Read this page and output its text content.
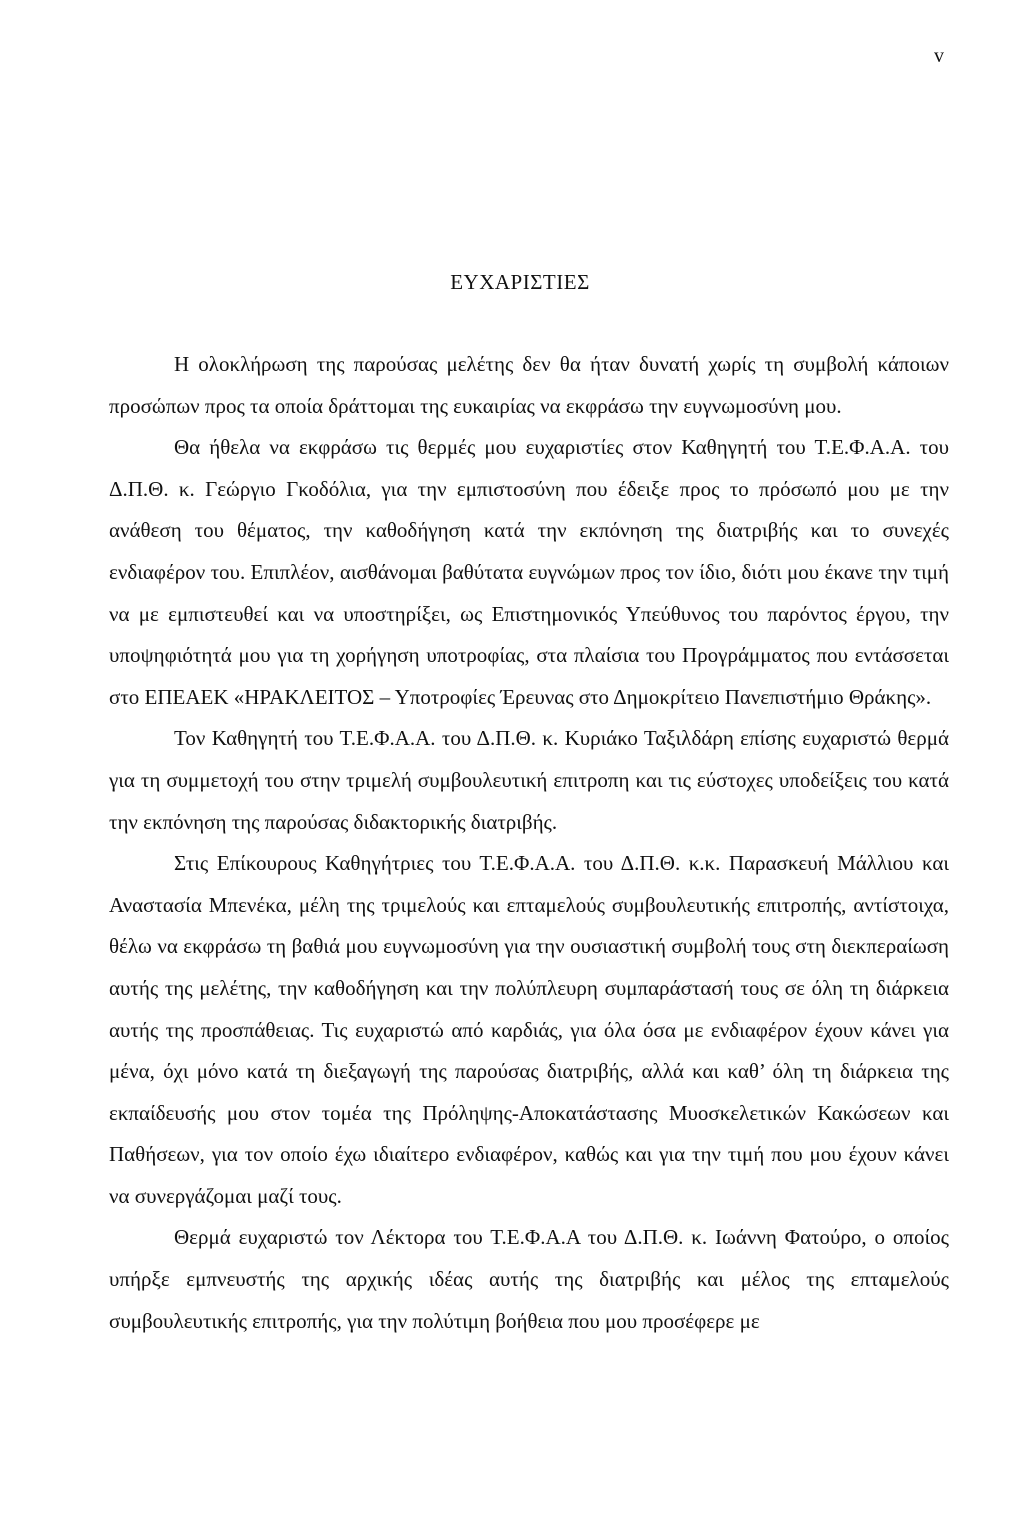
v
ΕΥΧΑΡΙΣΤΙΕΣ

Η ολοκλήρωση της παρούσας μελέτης δεν θα ήταν δυνατή χωρίς τη συμβολή κάποιων προσώπων προς τα οποία δράττομαι της ευκαιρίας να εκφράσω την ευγνωμοσύνη μου.

Θα ήθελα να εκφράσω τις θερμές μου ευχαριστίες στον Καθηγητή του Τ.Ε.Φ.Α.Α. του Δ.Π.Θ. κ. Γεώργιο Γκοδόλια, για την εμπιστοσύνη που έδειξε προς το πρόσωπό μου με την ανάθεση του θέματος, την καθοδήγηση κατά την εκπόνηση της διατριβής και το συνεχές ενδιαφέρον του. Επιπλέον, αισθάνομαι βαθύτατα ευγνώμων προς τον ίδιο, διότι μου έκανε την τιμή να με εμπιστευθεί και να υποστηρίξει, ως Επιστημονικός Υπεύθυνος του παρόντος έργου, την υποψηφιότητά μου για τη χορήγηση υποτροφίας, στα πλαίσια του Προγράμματος που εντάσσεται στο ΕΠΕΑΕΚ «ΗΡΑΚΛΕΙΤΟΣ – Υποτροφίες Έρευνας στο Δημοκρίτειο Πανεπιστήμιο Θράκης».

Τον Καθηγητή του Τ.Ε.Φ.Α.Α. του Δ.Π.Θ. κ. Κυριάκο Ταξιλδάρη επίσης ευχαριστώ θερμά για τη συμμετοχή του στην τριμελή συμβουλευτική επιτροπη και τις εύστοχες υποδείξεις του κατά την εκπόνηση της παρούσας διδακτορικής διατριβής.

Στις Επίκουρους Καθηγήτριες του Τ.Ε.Φ.Α.Α. του Δ.Π.Θ. κ.κ. Παρασκευή Μάλλιου και Αναστασία Μπενέκα, μέλη της τριμελούς και επταμελούς συμβουλευτικής επιτροπής, αντίστοιχα, θέλω να εκφράσω τη βαθιά μου ευγνωμοσύνη για την ουσιαστική συμβολή τους στη διεκπεραίωση αυτής της μελέτης, την καθοδήγηση και την πολύπλευρη συμπαράστασή τους σε όλη τη διάρκεια αυτής της προσπάθειας. Τις ευχαριστώ από καρδιάς, για όλα όσα με ενδιαφέρον έχουν κάνει για μένα, όχι μόνο κατά τη διεξαγωγή της παρούσας διατριβής, αλλά και καθ’ όλη τη διάρκεια της εκπαίδευσής μου στον τομέα της Πρόληψης-Αποκατάστασης Μυοσκελετικών Κακώσεων και Παθήσεων, για τον οποίο έχω ιδιαίτερο ενδιαφέρον, καθώς και για την τιμή που μου έχουν κάνει να συνεργάζομαι μαζί τους.

Θερμά ευχαριστώ τον Λέκτορα του Τ.Ε.Φ.Α.Α του Δ.Π.Θ. κ. Ιωάννη Φατούρο, ο οποίος υπήρξε εμπνευστής της αρχικής ιδέας αυτής της διατριβής και μέλος της επταμελούς συμβουλευτικής επιτροπής, για την πολύτιμη βοήθεια που μου προσέφερε με
